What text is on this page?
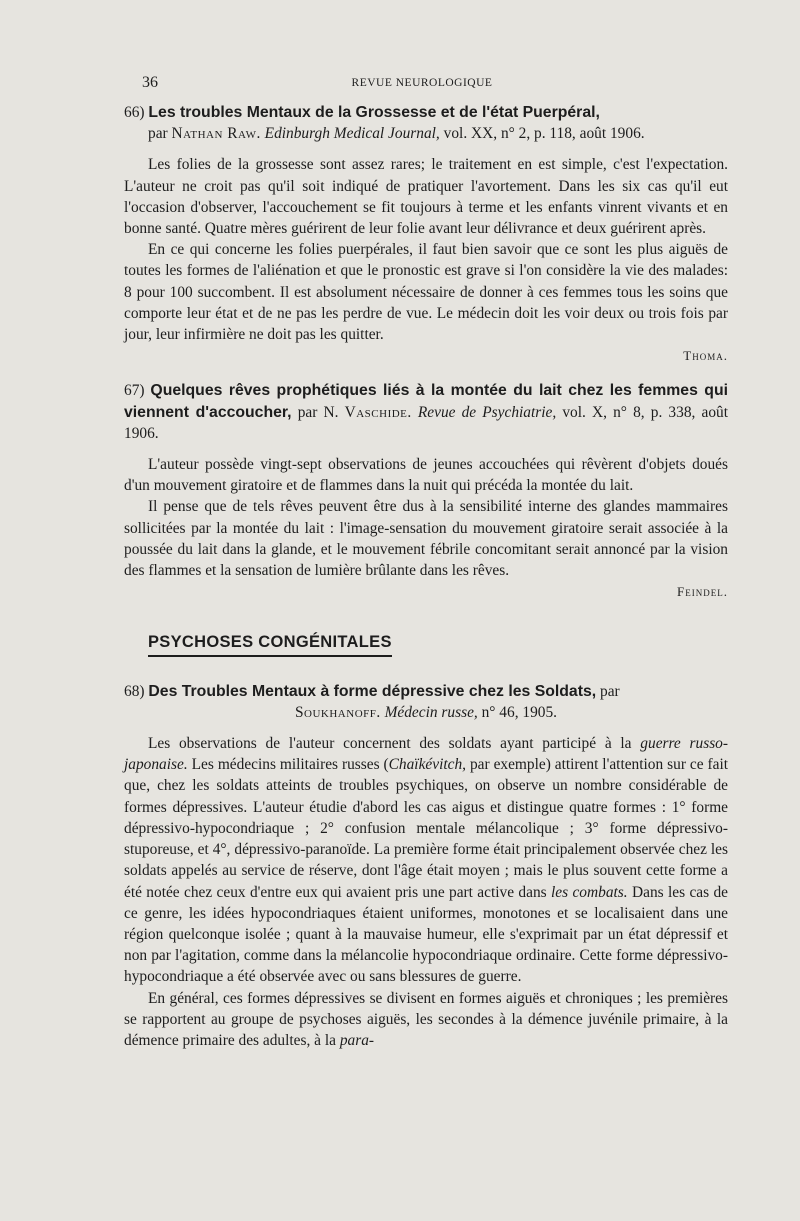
36	REVUE NEUROLOGIQUE
66) Les troubles Mentaux de la Grossesse et de l'état Puerpéral,
par Nathan Raw. Edinburgh Medical Journal, vol. XX, n° 2, p. 118, août 1906.

Les folies de la grossesse sont assez rares; le traitement en est simple, c'est l'expectation. L'auteur ne croit pas qu'il soit indiqué de pratiquer l'avortement. Dans les six cas qu'il eut l'occasion d'observer, l'accouchement se fit toujours à terme et les enfants vinrent vivants et en bonne santé. Quatre mères guérirent de leur folie avant leur délivrance et deux guérirent après.

En ce qui concerne les folies puerpérales, il faut bien savoir que ce sont les plus aiguës de toutes les formes de l'aliénation et que le pronostic est grave si l'on considère la vie des malades: 8 pour 100 succombent. Il est absolument nécessaire de donner à ces femmes tous les soins que comporte leur état et de ne pas les perdre de vue. Le médecin doit les voir deux ou trois fois par jour, leur infirmière ne doit pas les quitter.

Thoma.
67) Quelques rêves prophétiques liés à la montée du lait chez les femmes qui viennent d'accoucher, par N. Vaschide. Revue de Psychiatrie, vol. X, n° 8, p. 338, août 1906.

L'auteur possède vingt-sept observations de jeunes accouchées qui rêvèrent d'objets doués d'un mouvement giratoire et de flammes dans la nuit qui précéda la montée du lait.

Il pense que de tels rêves peuvent être dus à la sensibilité interne des glandes mammaires sollicitées par la montée du lait : l'image-sensation du mouvement giratoire serait associée à la poussée du lait dans la glande, et le mouvement fébrile concomitant serait annoncé par la vision des flammes et la sensation de lumière brûlante dans les rêves.

Feindel.
PSYCHOSES CONGÉNITALES
68) Des Troubles Mentaux à forme dépressive chez les Soldats, par
Soukhanoff. Médecin russe, n° 46, 1905.

Les observations de l'auteur concernent des soldats ayant participé à la guerre russo-japonaise. Les médecins militaires russes (Chaïkévitch, par exemple) attirent l'attention sur ce fait que, chez les soldats atteints de troubles psychiques, on observe un nombre considérable de formes dépressives. L'auteur étudie d'abord les cas aigus et distingue quatre formes : 1° forme dépressivo-hypocondriaque ; 2° confusion mentale mélancolique ; 3° forme dépressivo-stuporeuse, et 4°, dépressivo-paranoïde. La première forme était principalement observée chez les soldats appelés au service de réserve, dont l'âge était moyen ; mais le plus souvent cette forme a été notée chez ceux d'entre eux qui avaient pris une part active dans les combats. Dans les cas de ce genre, les idées hypocondriaques étaient uniformes, monotones et se localisaient dans une région quelconque isolée ; quant à la mauvaise humeur, elle s'exprimait par un état dépressif et non par l'agitation, comme dans la mélancolie hypocondriaque ordinaire. Cette forme dépressivo-hypocondriaque a été observée avec ou sans blessures de guerre.

En général, ces formes dépressives se divisent en formes aiguës et chroniques ; les premières se rapportent au groupe de psychoses aiguës, les secondes à la démence juvénile primaire, à la démence primaire des adultes, à la para-
